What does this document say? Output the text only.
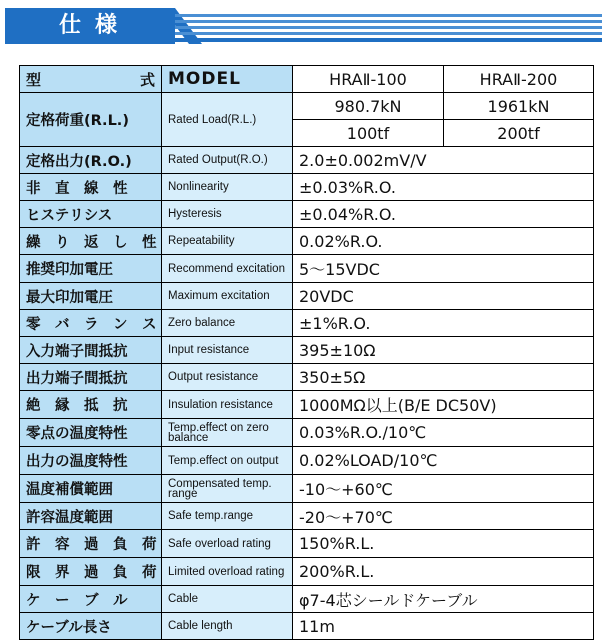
仕様
型 式	MODEL	HRAⅡ-100	HRAⅡ-200
定格荷重(R.L.)	Rated Load(R.L.)	980.7kN	1961kN
		100tf	200tf
定格出力(R.O.)	Rated Output(R.O.)	2.0±0.002mV/V	
非　直　線　性	Nonlinearity	±0.03%R.O.	
ヒステリシス	Hysteresis	±0.04%R.O.	
繰　り　返　し　性	Repeatability	0.02%R.O.	
推奨印加電圧	Recommend excitation	5〜15VDC	
最大印加電圧	Maximum excitation	20VDC	
零　バ　ラ　ン　ス	Zero balance	±1%R.O.	
入力端子間抵抗	Input resistance	395±10Ω	
出力端子間抵抗	Output resistance	350±5Ω	
絶　縁　抵　抗	Insulation resistance	1000MΩ以上(B/E DC50V)	
零点の温度特性	Temp.effect on zero balance	0.03%R.O./10℃	
出力の温度特性	Temp.effect on output	0.02%LOAD/10℃	
温度補償範囲	Compensated temp. range	-10〜+60℃	
許容温度範囲	Safe temp.range	-20〜+70℃	
許　容　過　負　荷	Safe overload rating	150%R.L.	
限　界　過　負　荷	Limited overload rating	200%R.L.	
ケ　ー　ブ　ル	Cable	φ7-4芯シールドケーブル	
ケーブル長さ	Cable length	11m	
